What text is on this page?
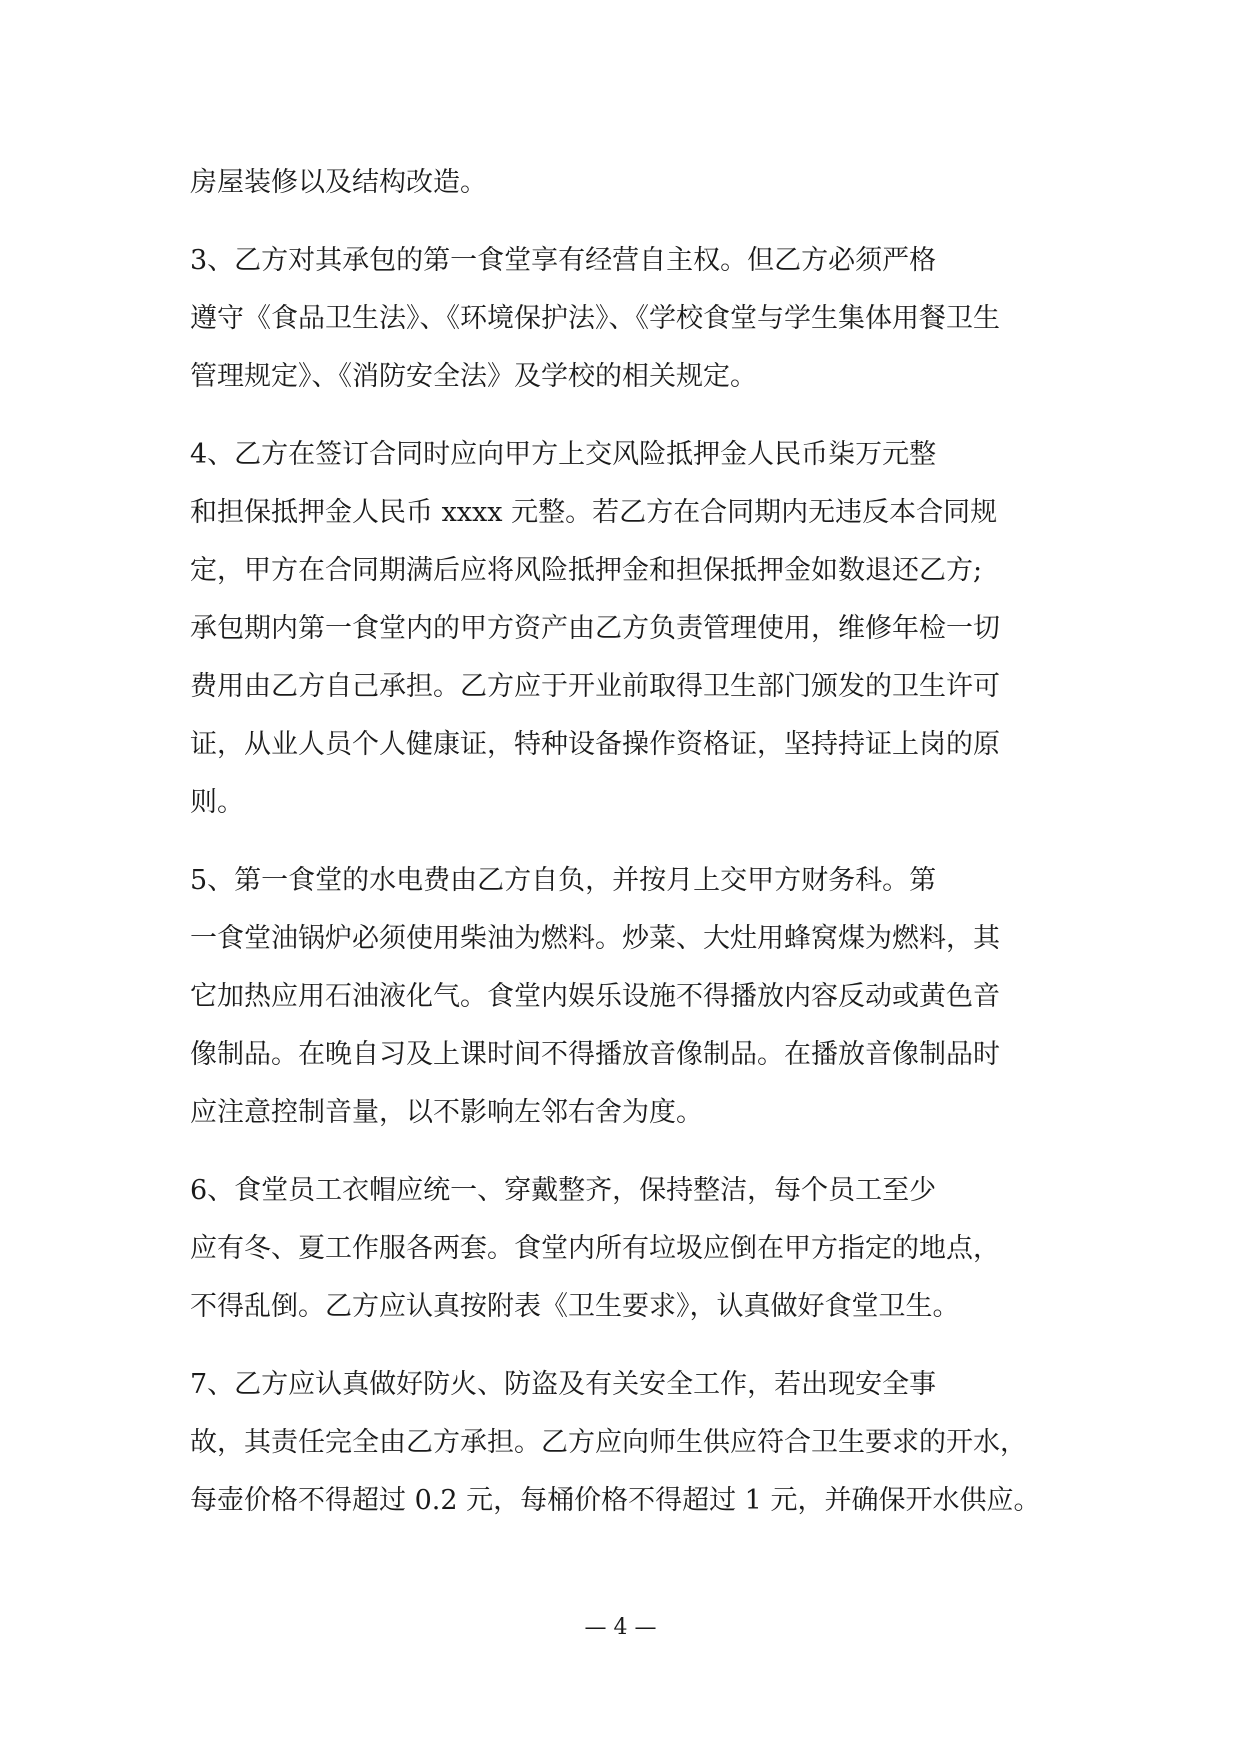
房屋装修以及结构改造。
3、乙方对其承包的第一食堂享有经营自主权。但乙方必须严格
遵守《食品卫生法》、《环境保护法》、《学校食堂与学生集体用餐卫生
管理规定》、《消防安全法》及学校的相关规定。
4、乙方在签订合同时应向甲方上交风险抵押金人民币柒万元整
和担保抵押金人民币 xxxx 元整。若乙方在合同期内无违反本合同规
定，甲方在合同期满后应将风险抵押金和担保抵押金如数退还乙方;
承包期内第一食堂内的甲方资产由乙方负责管理使用，维修年检一切
费用由乙方自己承担。乙方应于开业前取得卫生部门颁发的卫生许可
证，从业人员个人健康证，特种设备操作资格证，坚持持证上岗的原
则。
5、第一食堂的水电费由乙方自负，并按月上交甲方财务科。第
一食堂油锅炉必须使用柴油为燃料。炒菜、大灶用蜂窝煤为燃料，其
它加热应用石油液化气。食堂内娱乐设施不得播放内容反动或黄色音
像制品。在晚自习及上课时间不得播放音像制品。在播放音像制品时
应注意控制音量，以不影响左邻右舍为度。
6、食堂员工衣帽应统一、穿戴整齐，保持整洁，每个员工至少
应有冬、夏工作服各两套。食堂内所有垃圾应倒在甲方指定的地点，
不得乱倒。乙方应认真按附表《卫生要求》，认真做好食堂卫生。
7、乙方应认真做好防火、防盗及有关安全工作，若出现安全事
故，其责任完全由乙方承担。乙方应向师生供应符合卫生要求的开水，
每壶价格不得超过 0.2 元，每桶价格不得超过 1 元，并确保开水供应。
— 4 —
